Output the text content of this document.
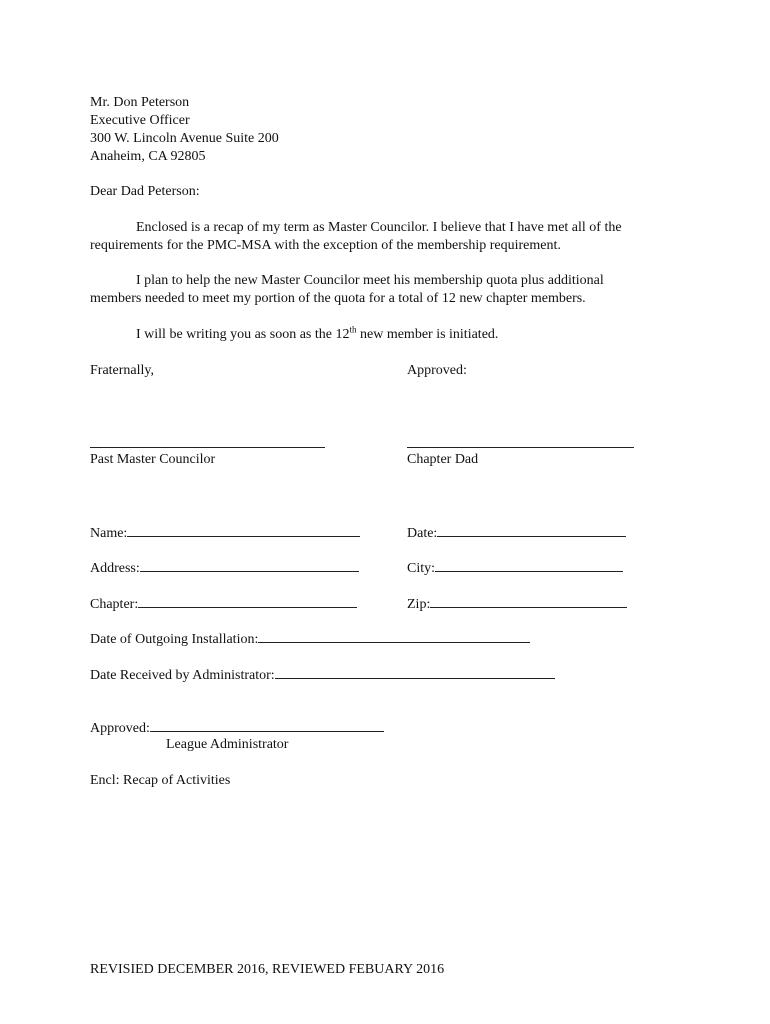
Mr. Don Peterson
Executive Officer
300 W. Lincoln Avenue Suite 200
Anaheim, CA 92805
Dear Dad Peterson:
Enclosed is a recap of my term as Master Councilor. I believe that I have met all of the
requirements for the PMC-MSA with the exception of the membership requirement.
I plan to help the new Master Councilor meet his membership quota plus additional
members needed to meet my portion of the quota for a total of 12 new chapter members.
I will be writing you as soon as the 12th new member is initiated.
Fraternally,	Approved:
Past Master Councilor	Chapter Dad
Name:	Date:
Address:	City:
Chapter:	Zip:
Date of Outgoing Installation:
Date Received by Administrator:
Approved:
League Administrator
Encl: Recap of Activities
REVISIED DECEMBER 2016, REVIEWED FEBUARY 2016
